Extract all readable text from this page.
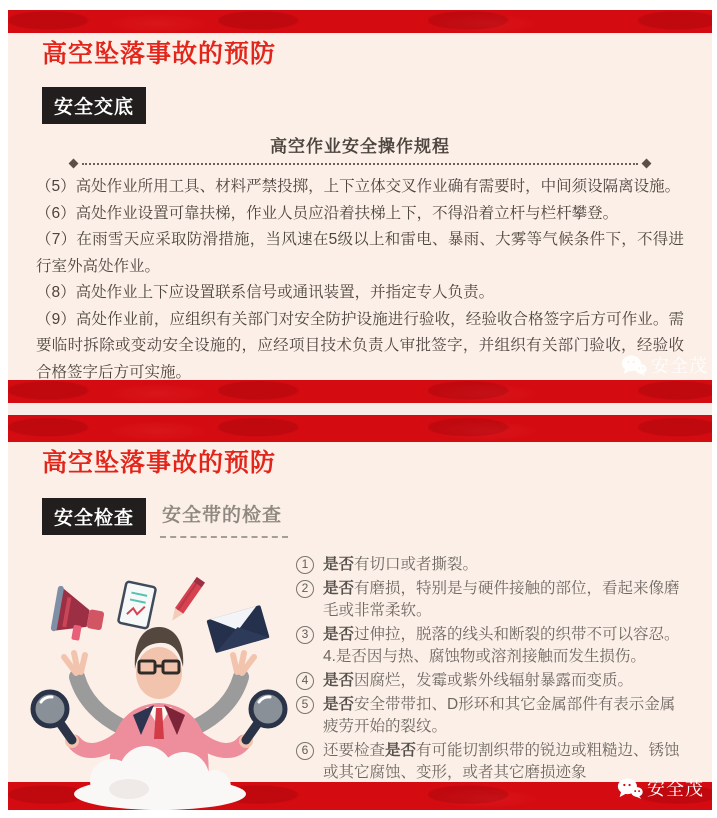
高空坠落事故的预防
安全交底
高空作业安全操作规程
（5）高处作业所用工具、材料严禁投掷，上下立体交叉作业确有需要时，中间须设隔离设施。
（6）高处作业设置可靠扶梯，作业人员应沿着扶梯上下，不得沿着立杆与栏杆攀登。
（7）在雨雪天应采取防滑措施，当风速在5级以上和雷电、暴雨、大雾等气候条件下，不得进行室外高处作业。
（8）高处作业上下应设置联系信号或通讯装置，并指定专人负责。
（9）高处作业前，应组织有关部门对安全防护设施进行验收，经验收合格签字后方可作业。需要临时拆除或变动安全设施的，应经项目技术负责人审批签字，并组织有关部门验收，经验收合格签字后方可实施。	安全茂
高空坠落事故的预防
安全检查	安全带的检查
1 是否有切口或者撕裂。
2 是否有磨损，特别是与硬件接触的部位，看起来像磨毛或非常柔软。
3 是否过伸拉，脱落的线头和断裂的织带不可以容忍。4.是否因与热、腐蚀物或溶剂接触而发生损伤。
4 是否因腐烂，发霉或紫外线辐射暴露而变质。
5 是否安全带带扣、D形环和其它金属部件有表示金属疲劳开始的裂纹。
6 还要检查是否有可能切割织带的锐边或粗糙边、锈蚀或其它腐蚀、变形，或者其它磨损迹象
安全茂
